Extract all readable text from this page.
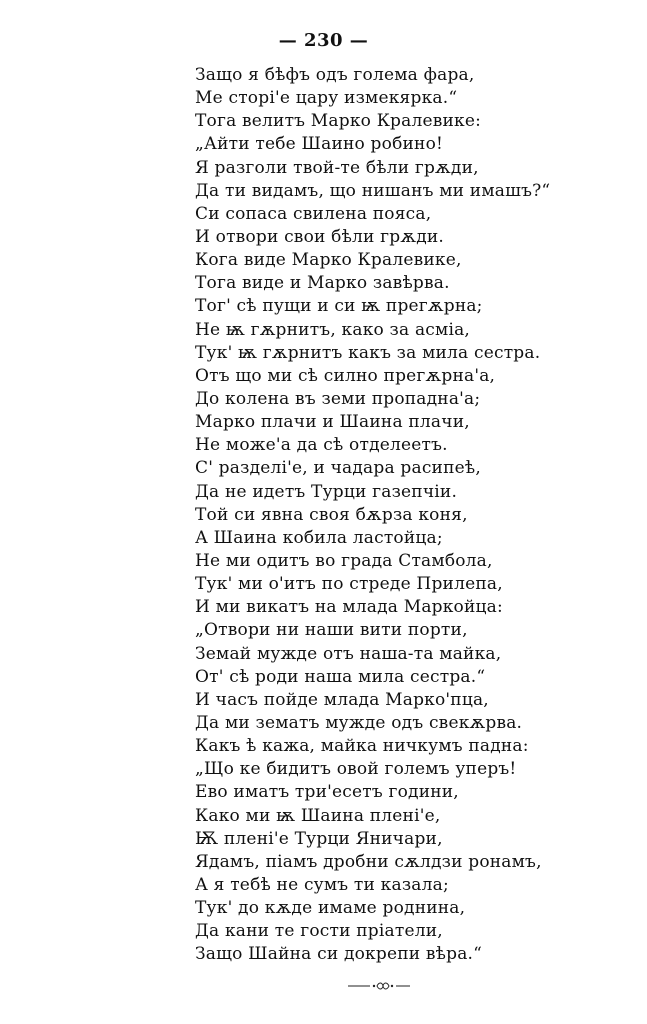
— 230 —
Защо я бѣфъ одъ голема фара,
Ме сторі'е цару измекярка.“
Тога велитъ Марко Кралевике:
„Айти тебе Шаино робино!
Я разголи твой-те бѣли грѫди,
Да ти видамъ, що нишанъ ми имашъ?“
Си сопаса свилена пояса,
И отвори свои бѣли грѫди.
Кога виде Марко Кралевике,
Тога виде и Марко завѣрва.
Тог' сѣ пущи и си ѭ прегѫрна;
Не ѭ гѫрнитъ, како за асміа,
Тук' ѭ гѫрнитъ какъ за мила сестра.
Отъ що ми сѣ силно прегѫрна'а,
До колена въ земи пропадна'а;
Марко плачи и Шаина плачи,
Не може'а да сѣ отделеетъ.
С' разделі'е, и чадара расипеѣ,
Да не идетъ Турци газепчіи.
Той си явна своя бѫрза коня,
А Шаина кобила ластойца;
Не ми одитъ во града Стамбола,
Тук' ми о'итъ по стреде Прилепа,
И ми викатъ на млада Маркойца:
„Отвори ни наши вити порти,
Земай мужде отъ наша-та майка,
От' сѣ роди наша мила сестра.“
И часъ пойде млада Марко'пца,
Да ми зематъ мужде одъ свекѫрва.
Какъ ѣ кажа, майка ничкумъ падна:
„Що ке бидитъ овой големъ уперъ!
Ево иматъ три'есетъ години,
Како ми ѭ Шаина плені'е,
Ѭ плені'е Турци Яничари,
Ядамъ, піамъ дробни сѫлдзи ронамъ,
А я тебѣ не сумъ ти казала;
Тук' до кѫде имаме роднина,
Да кани те гости пріатели,
Защо Шайна си докрепи вѣра.“
